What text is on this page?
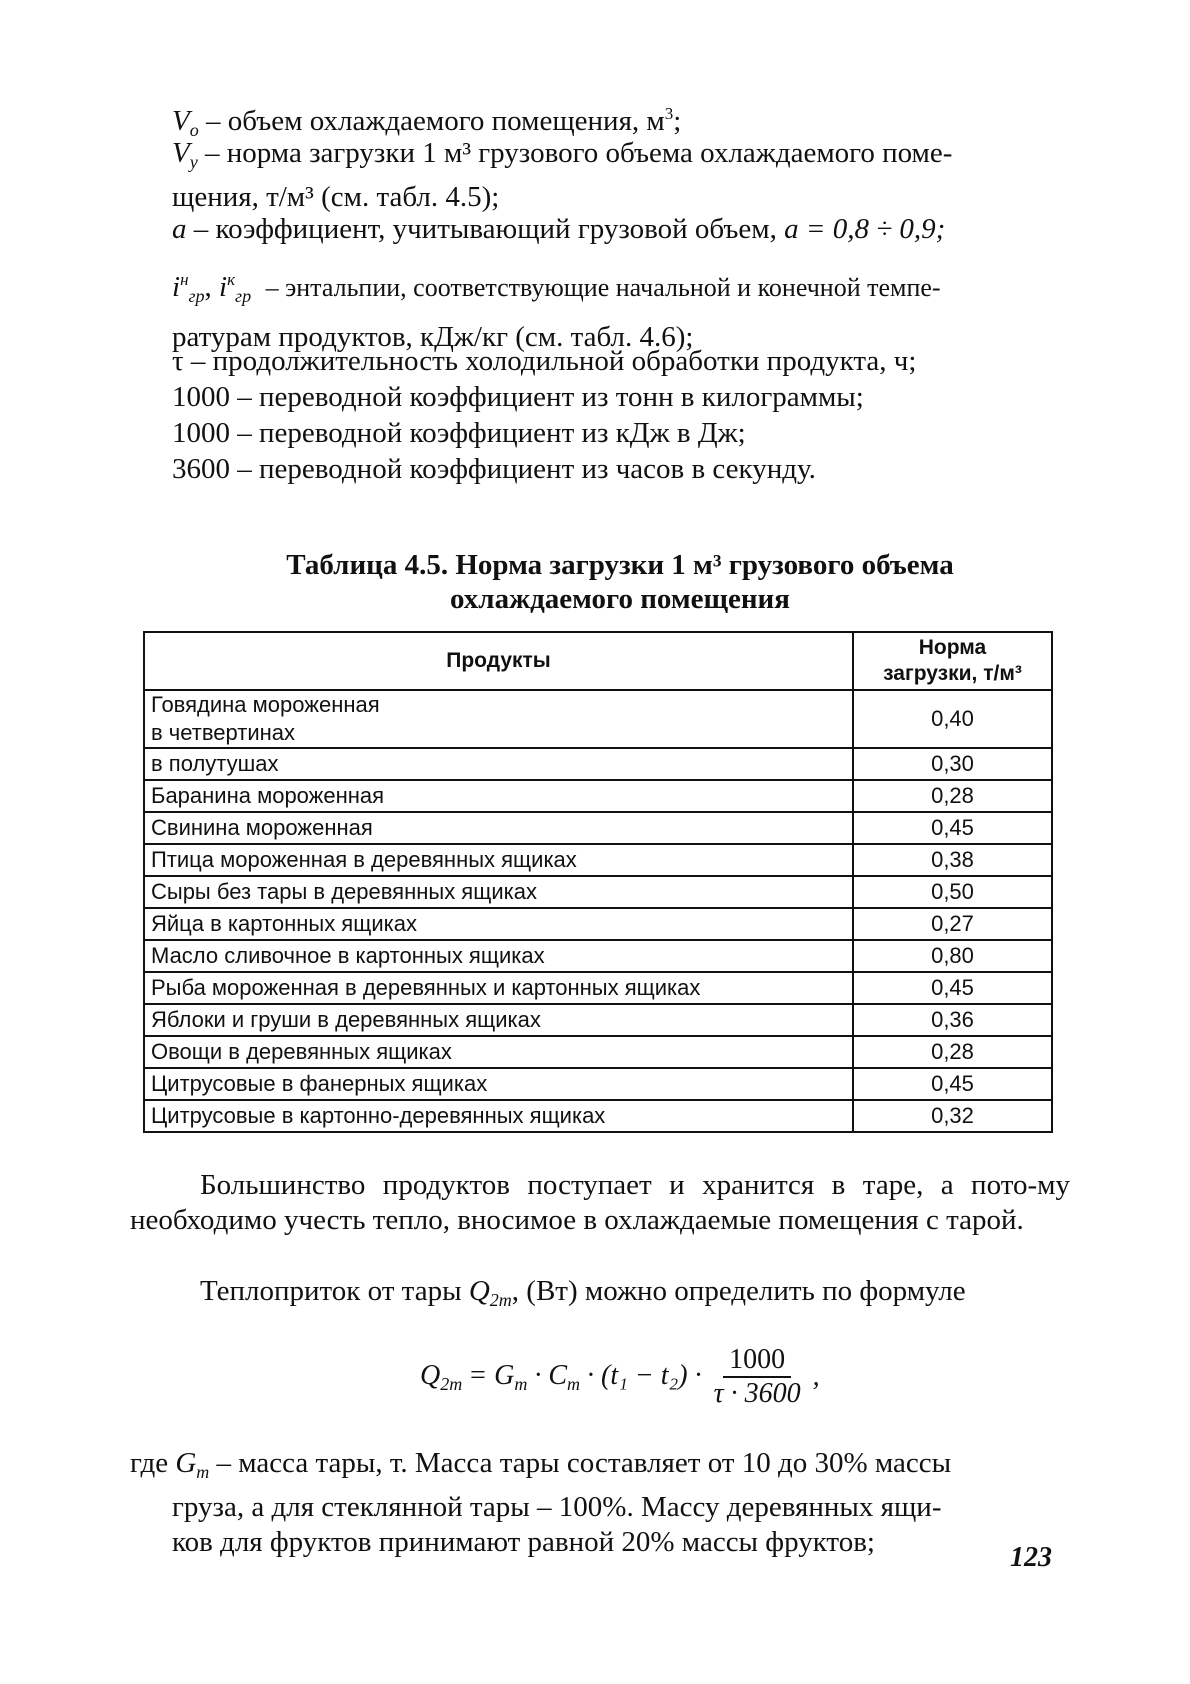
$V_o$ – объем охлаждаемого помещения, $м^3$;

$V_y$ – норма загрузки 1 м³ грузового объема охлаждаемого поме-
щения, т/м³ (см. табл. 4.5);

a – коэффициент, учитывающий грузовой объем, a = 0,8 ÷ 0,9;

$i^н_{гр}$, $i^к_{гр}$ – энтальпии, соответствующие начальной и конечной темпе-
ратурам продуктов, кДж/кг (см. табл. 4.6);

τ – продолжительность холодильной обработки продукта, ч;

1000 – переводной коэффициент из тонн в килограммы;

1000 – переводной коэффициент из кДж в Дж;

3600 – переводной коэффициент из часов в секунду.

Таблица 4.5. Норма загрузки 1 м³ грузового объема
охлаждаемого помещения

Продукты	Норма
загрузки, т/м³
Говядина мороженная
в четвертинах	0,40
в полутушах	0,30
Баранина мороженная	0,28
Свинина мороженная	0,45
Птица мороженная в деревянных ящиках	0,38
Сыры без тары в деревянных ящиках	0,50
Яйца в картонных ящиках	0,27
Масло сливочное в картонных ящиках	0,80
Рыба мороженная в деревянных и картонных ящиках	0,45
Яблоки и груши в деревянных ящиках	0,36
Овощи в деревянных ящиках	0,28
Цитрусовые в фанерных ящиках	0,45
Цитрусовые в картонно-деревянных ящиках	0,32

Большинство продуктов поступает и хранится в таре, а пото-му необходимо учесть тепло, вносимое в охлаждаемые помещения с тарой.

Теплоприток от тары $Q_{2т}$, (Вт) можно определить по формуле

$Q_{2m} = G_m \cdot C_m \cdot (t_1 - t_2) \cdot \frac{1000}{\tau \cdot 3600}$ ,

где $G_т$ – масса тары, т. Масса тары составляет от 10 до 30% массы
груза, а для стеклянной тары – 100%. Массу деревянных ящи-
ков для фруктов принимают равной 20% массы фруктов;	123
